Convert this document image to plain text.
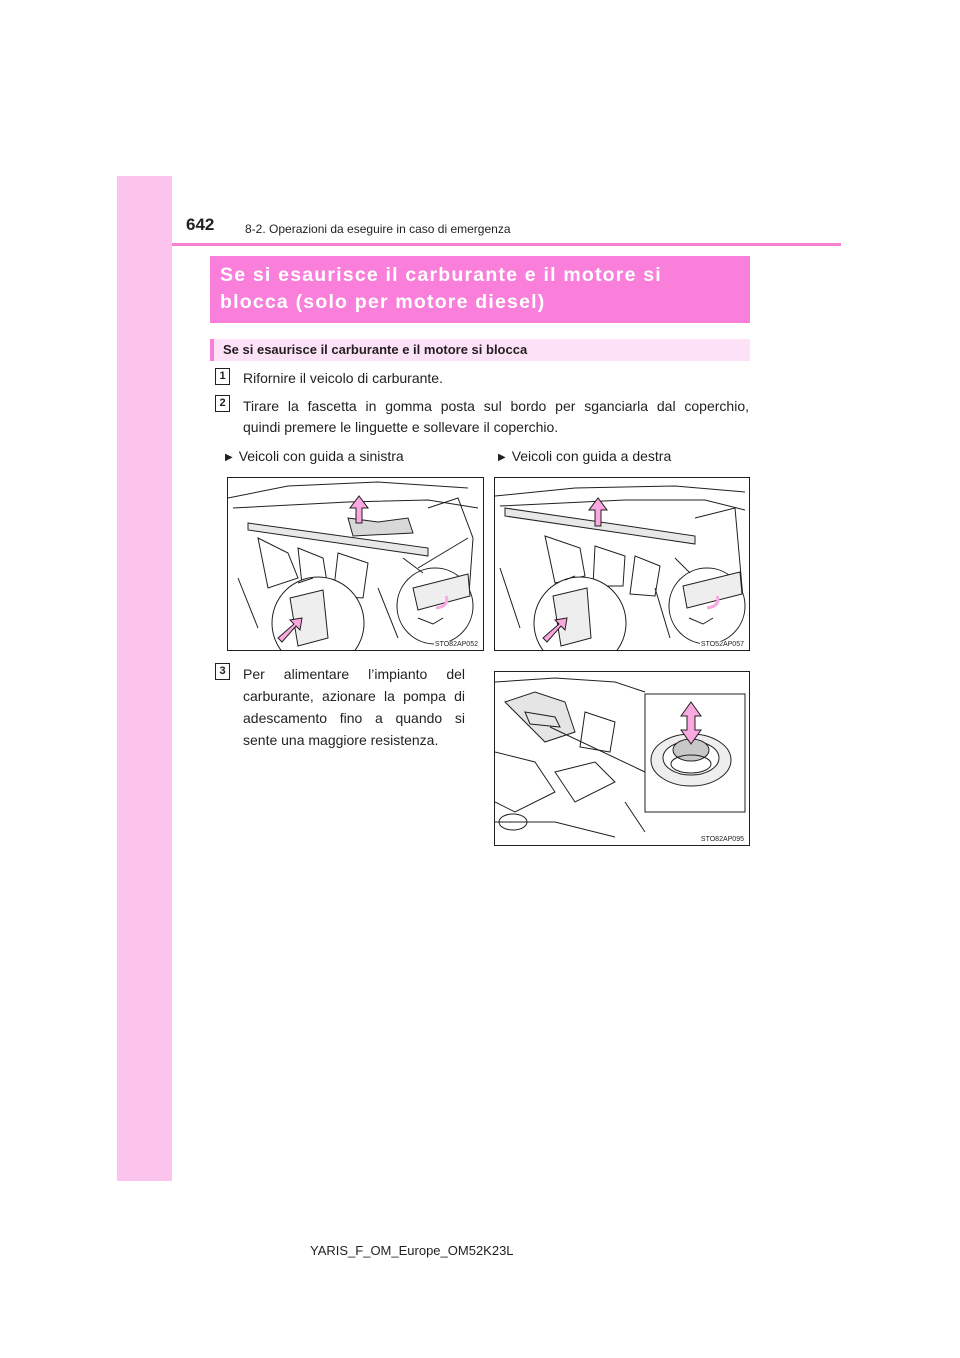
642	8-2. Operazioni da eseguire in caso di emergenza
Se si esaurisce il carburante e il motore si
blocca (solo per motore diesel)
Se si esaurisce il carburante e il motore si blocca
1	Rifornire il veicolo di carburante.
2	Tirare la fascetta in gomma posta sul bordo per sganciarla dal coperchio,
quindi premere le linguette e sollevare il coperchio.
▶ Veicoli con guida a sinistra	▶ Veicoli con guida a destra
STO82AP052	STO52AP057
3	Per alimentare l’impianto del
carburante, azionare la pompa di
adescamento fino a quando si
sente una maggiore resistenza.
STO82AP095
YARIS_F_OM_Europe_OM52K23L
